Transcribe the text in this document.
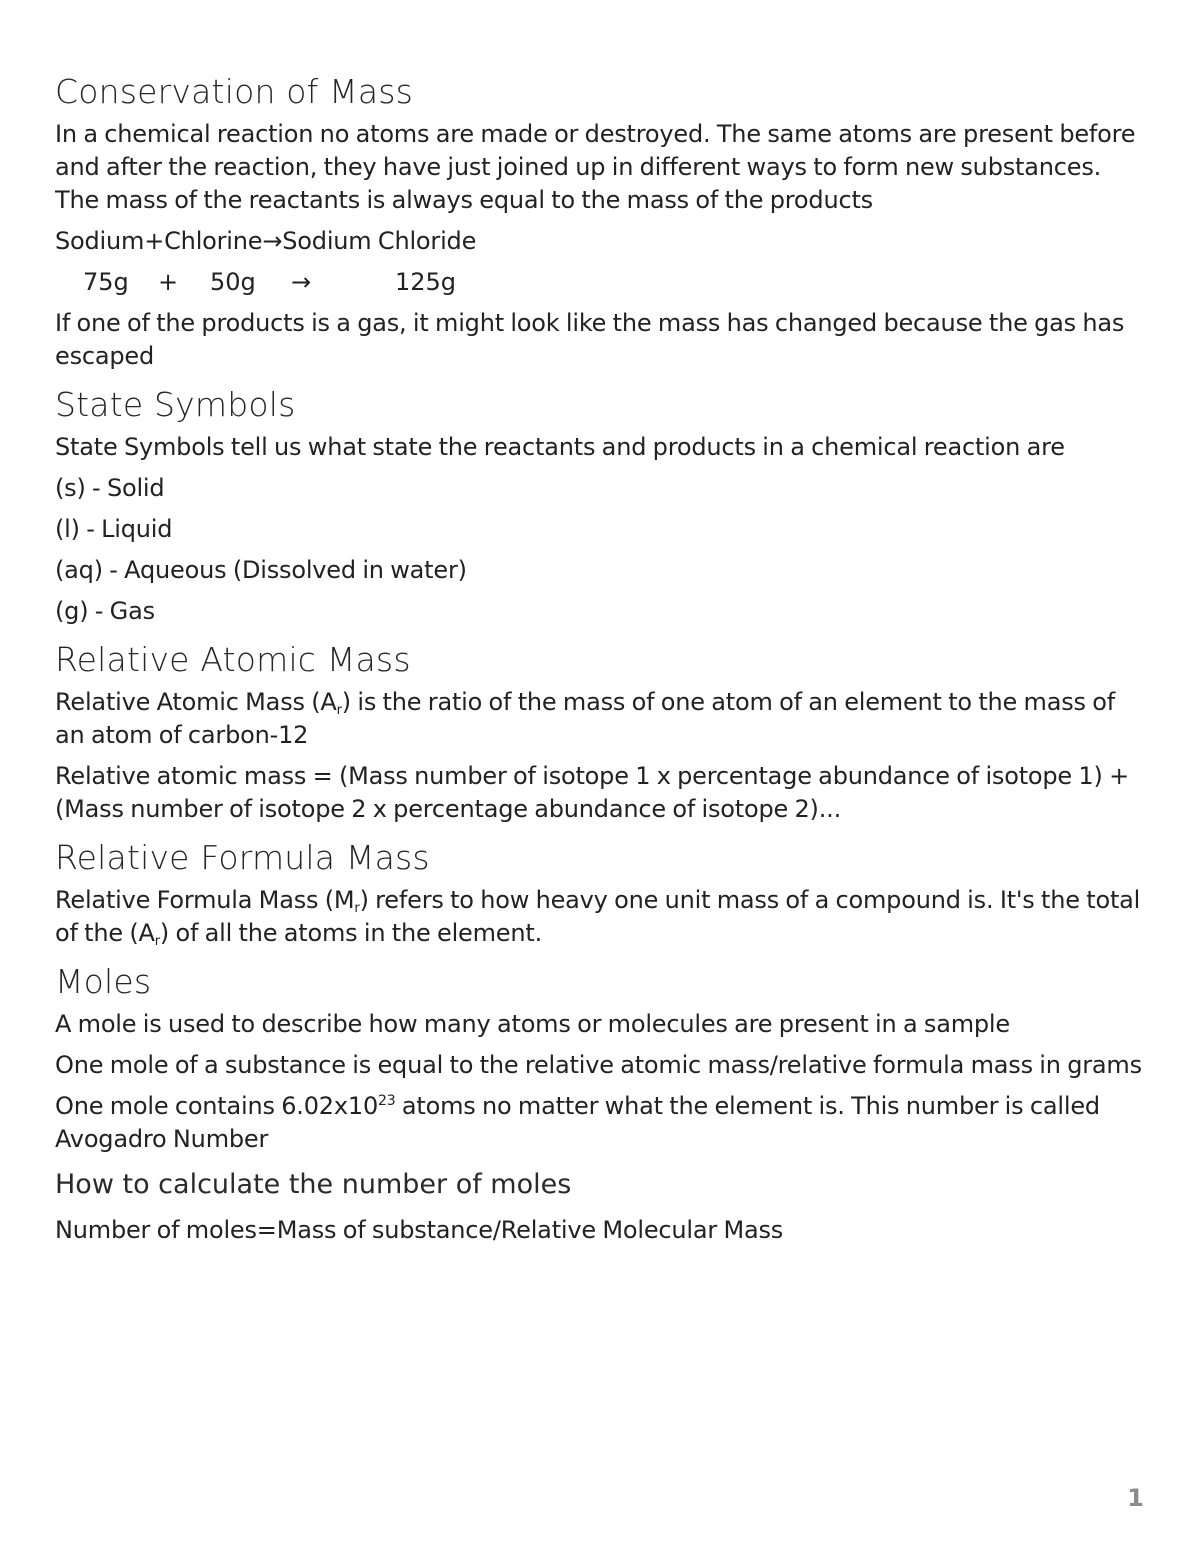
Conservation of Mass

In a chemical reaction no atoms are made or destroyed. The same atoms are present before and after the reaction, they have just joined up in different ways to form new substances. The mass of the reactants is always equal to the mass of the products

Sodium+Chlorine→Sodium Chloride

75g + 50g →	125g

If one of the products is a gas, it might look like the mass has changed because the gas has escaped

State Symbols

State Symbols tell us what state the reactants and products in a chemical reaction are

(s) - Solid

(l) - Liquid

(aq) - Aqueous (Dissolved in water)

(g) - Gas

Relative Atomic Mass

Relative Atomic Mass $(A_r)$ is the ratio of the mass of one atom of an element to the mass of an atom of carbon-12

Relative atomic mass = (Mass number of isotope 1 x percentage abundance of isotope 1) + (Mass number of isotope 2 x percentage abundance of isotope 2)...

Relative Formula Mass

Relative Formula Mass $(M_r)$ refers to how heavy one unit mass of a compound is. It's the total of the $(A_r)$ of all the atoms in the element.

Moles

A mole is used to describe how many atoms or molecules are present in a sample

One mole of a substance is equal to the relative atomic mass/relative formula mass in grams

One mole contains $6.02x10^{23}$ atoms no matter what the element is. This number is called Avogadro Number

How to calculate the number of moles

Number of moles=Mass of substance/Relative Molecular Mass

1
